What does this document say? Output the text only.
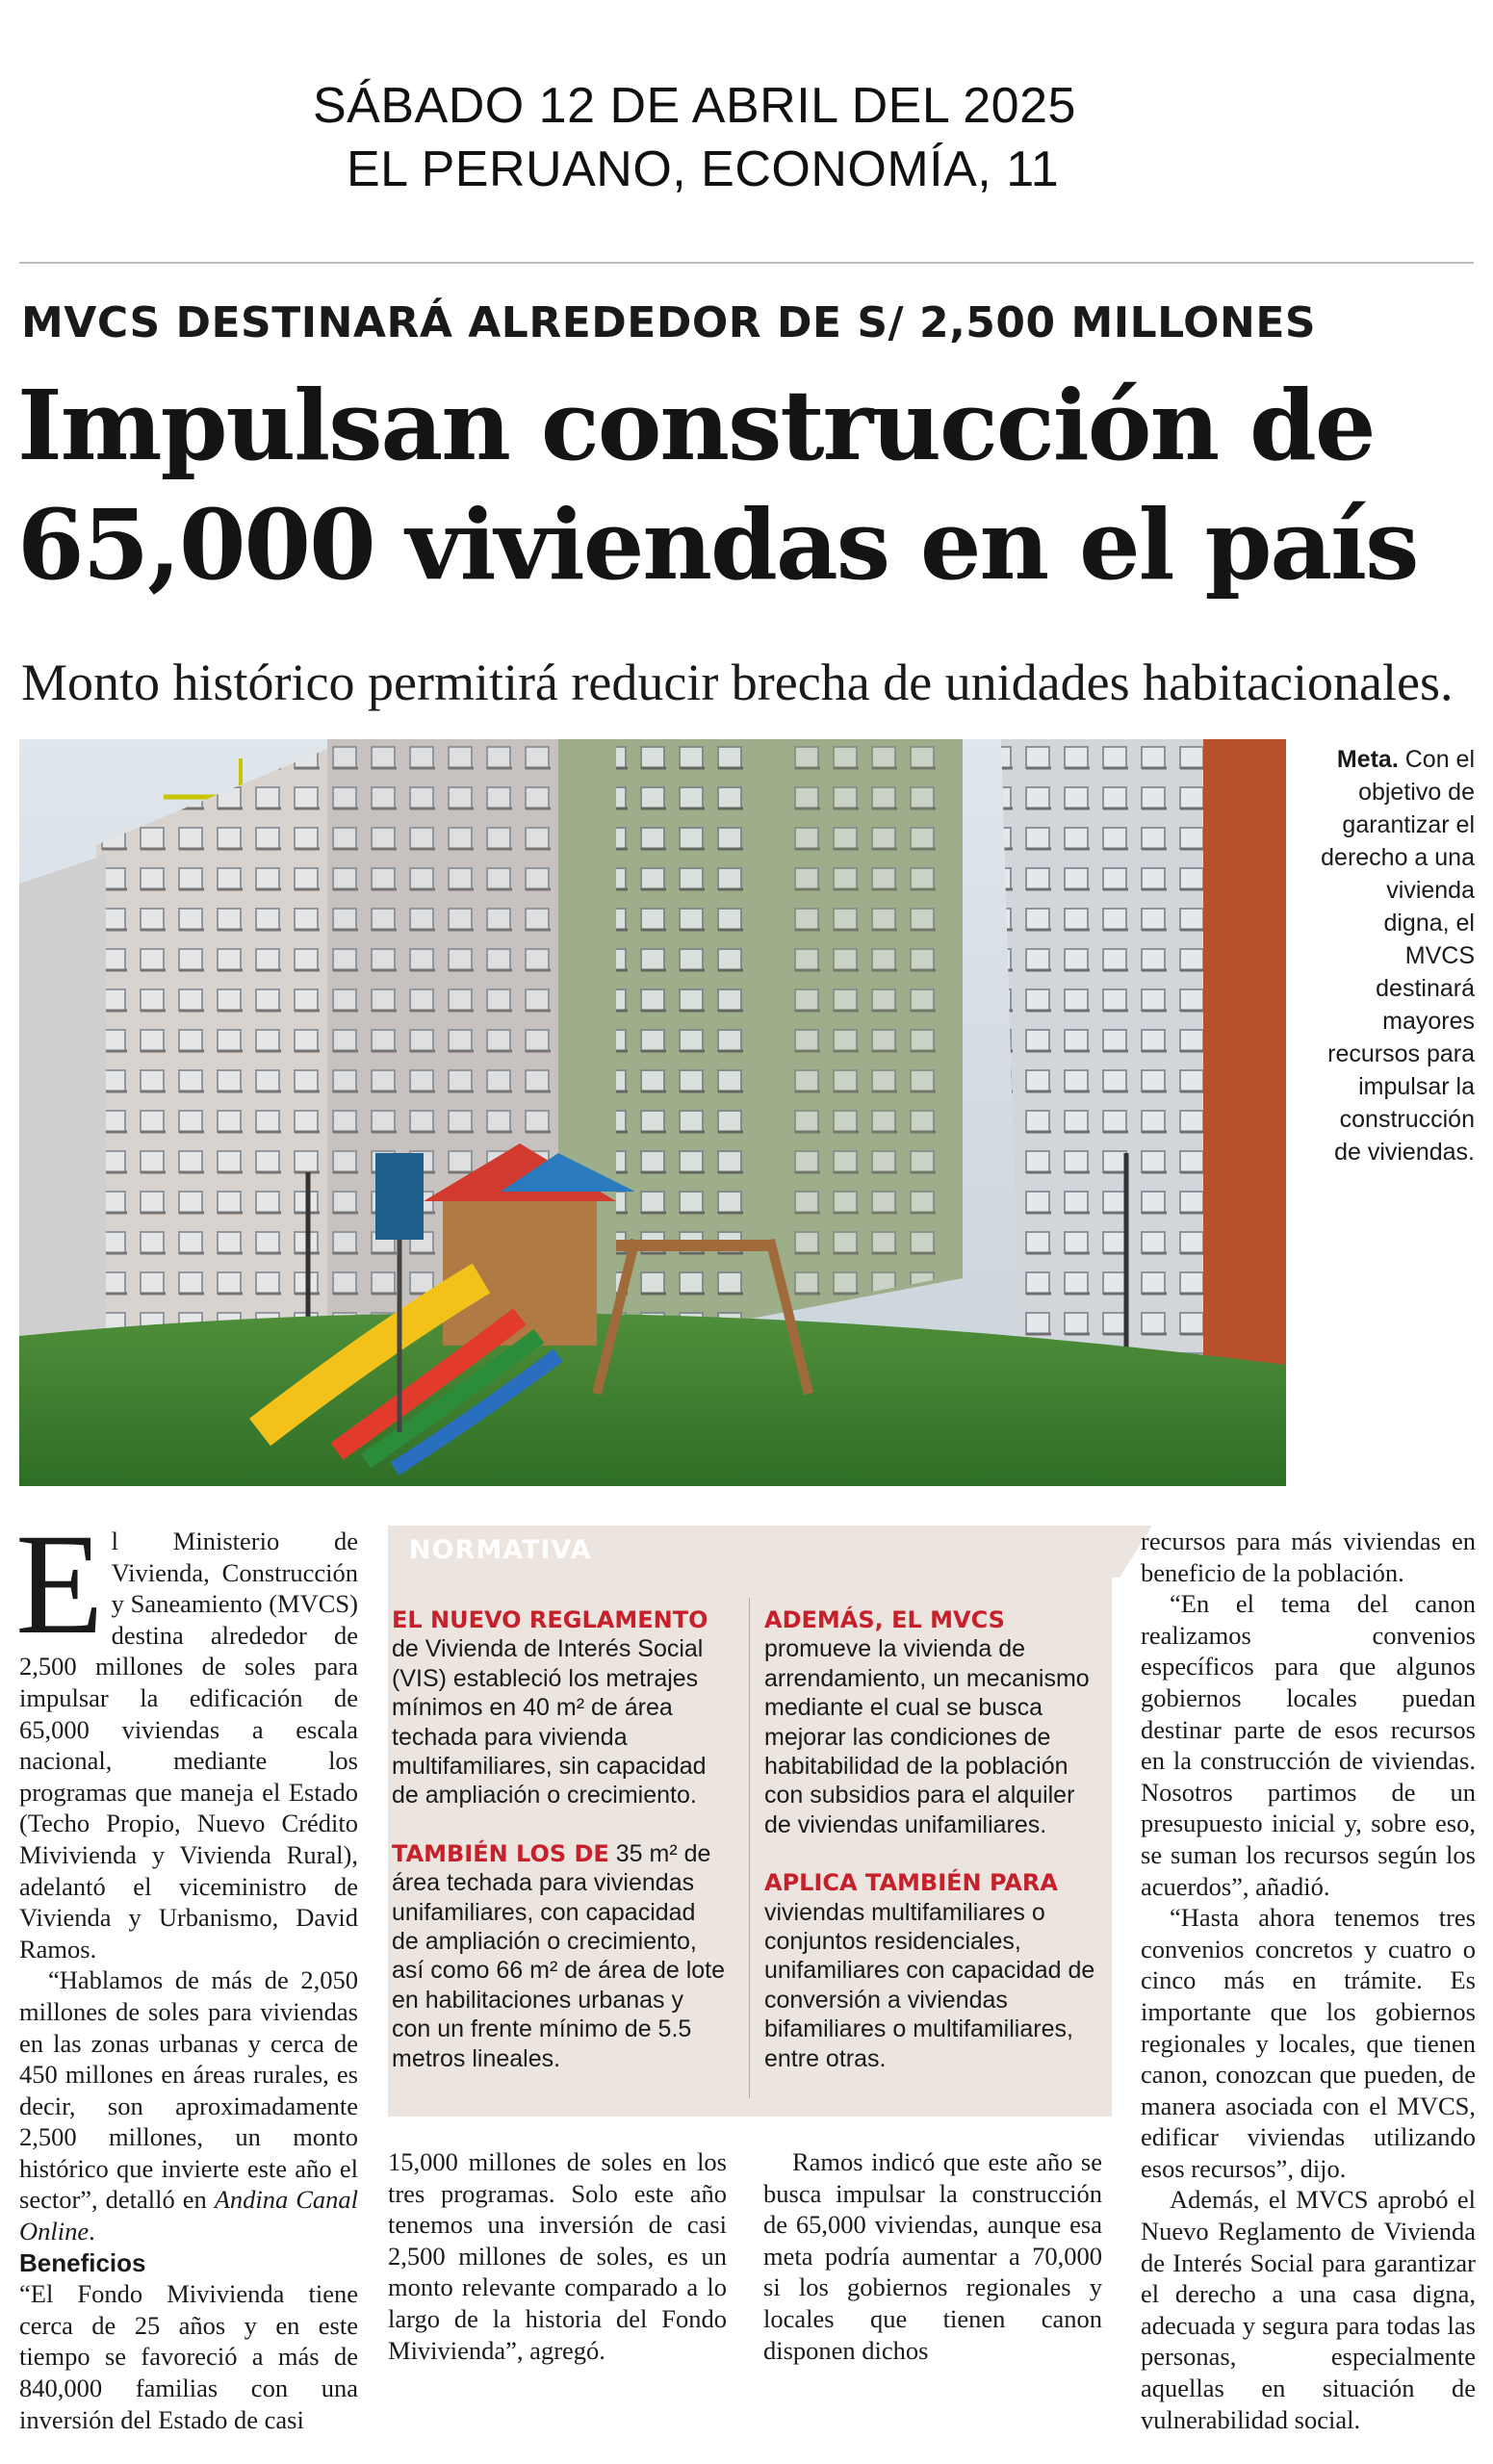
SÁBADO 12 DE ABRIL DEL 2025
EL PERUANO, ECONOMÍA, 11
MVCS DESTINARÁ ALREDEDOR DE S/ 2,500 MILLONES
Impulsan construcción de
65,000 viviendas en el país
Monto histórico permitirá reducir brecha de unidades habitacionales.
Meta. Con el objetivo de garantizar el derecho a una vivienda digna, el MVCS destinará mayores recursos para impulsar la construcción de viviendas.

El Ministerio de Vivienda, Construcción y Saneamiento (MVCS) destina alrededor de 2,500 millones de soles para impulsar la edificación de 65,000 viviendas a escala nacional, mediante los programas que maneja el Estado (Techo Propio, Nuevo Crédito Mivivienda y Vivienda Rural), adelantó el viceministro de Vivienda y Urbanismo, David Ramos.

“Hablamos de más de 2,050 millones de soles para viviendas en las zonas urbanas y cerca de 450 millones en áreas rurales, es decir, son aproximadamente 2,500 millones, un monto histórico que invierte este año el sector”, detalló en Andina Canal Online.

Beneficios

“El Fondo Mivivienda tiene cerca de 25 años y en este tiempo se favoreció a más de 840,000 familias con una inversión del Estado de casi

NORMATIVA

EL NUEVO REGLAMENTO de Vivienda de Interés Social (VIS) estableció los metrajes mínimos en 40 m² de área techada para vivienda multifamiliares, sin capacidad de ampliación o crecimiento.

TAMBIÉN LOS DE 35 m² de área techada para viviendas unifamiliares, con capacidad de ampliación o crecimiento, así como 66 m² de área de lote en habilitaciones urbanas y con un frente mínimo de 5.5 metros lineales.

ADEMÁS, EL MVCS promueve la vivienda de arrendamiento, un mecanismo mediante el cual se busca mejorar las condiciones de habitabilidad de la población con subsidios para el alquiler de viviendas unifamiliares.

APLICA TAMBIÉN PARA viviendas multifamiliares o conjuntos residenciales, unifamiliares con capacidad de conversión a viviendas bifamiliares o multifamiliares, entre otras.

15,000 millones de soles en los tres programas. Solo este año tenemos una inversión de casi 2,500 millones de soles, es un monto relevante comparado a lo largo de la historia del Fondo Mivivienda”, agregó.

Ramos indicó que este año se busca impulsar la construcción de 65,000 viviendas, aunque esa meta podría aumentar a 70,000 si los gobiernos regionales y locales que tienen canon disponen dichos

recursos para más viviendas en beneficio de la población.

“En el tema del canon realizamos convenios específicos para que algunos gobiernos locales puedan destinar parte de esos recursos en la construcción de viviendas. Nosotros partimos de un presupuesto inicial y, sobre eso, se suman los recursos según los acuerdos”, añadió.

“Hasta ahora tenemos tres convenios concretos y cuatro o cinco más en trámite. Es importante que los gobiernos regionales y locales, que tienen canon, conozcan que pueden, de manera asociada con el MVCS, edificar viviendas utilizando esos recursos”, dijo.

Además, el MVCS aprobó el Nuevo Reglamento de Vivienda de Interés Social para garantizar el derecho a una casa digna, adecuada y segura para todas las personas, especialmente aquellas en situación de vulnerabilidad social.
